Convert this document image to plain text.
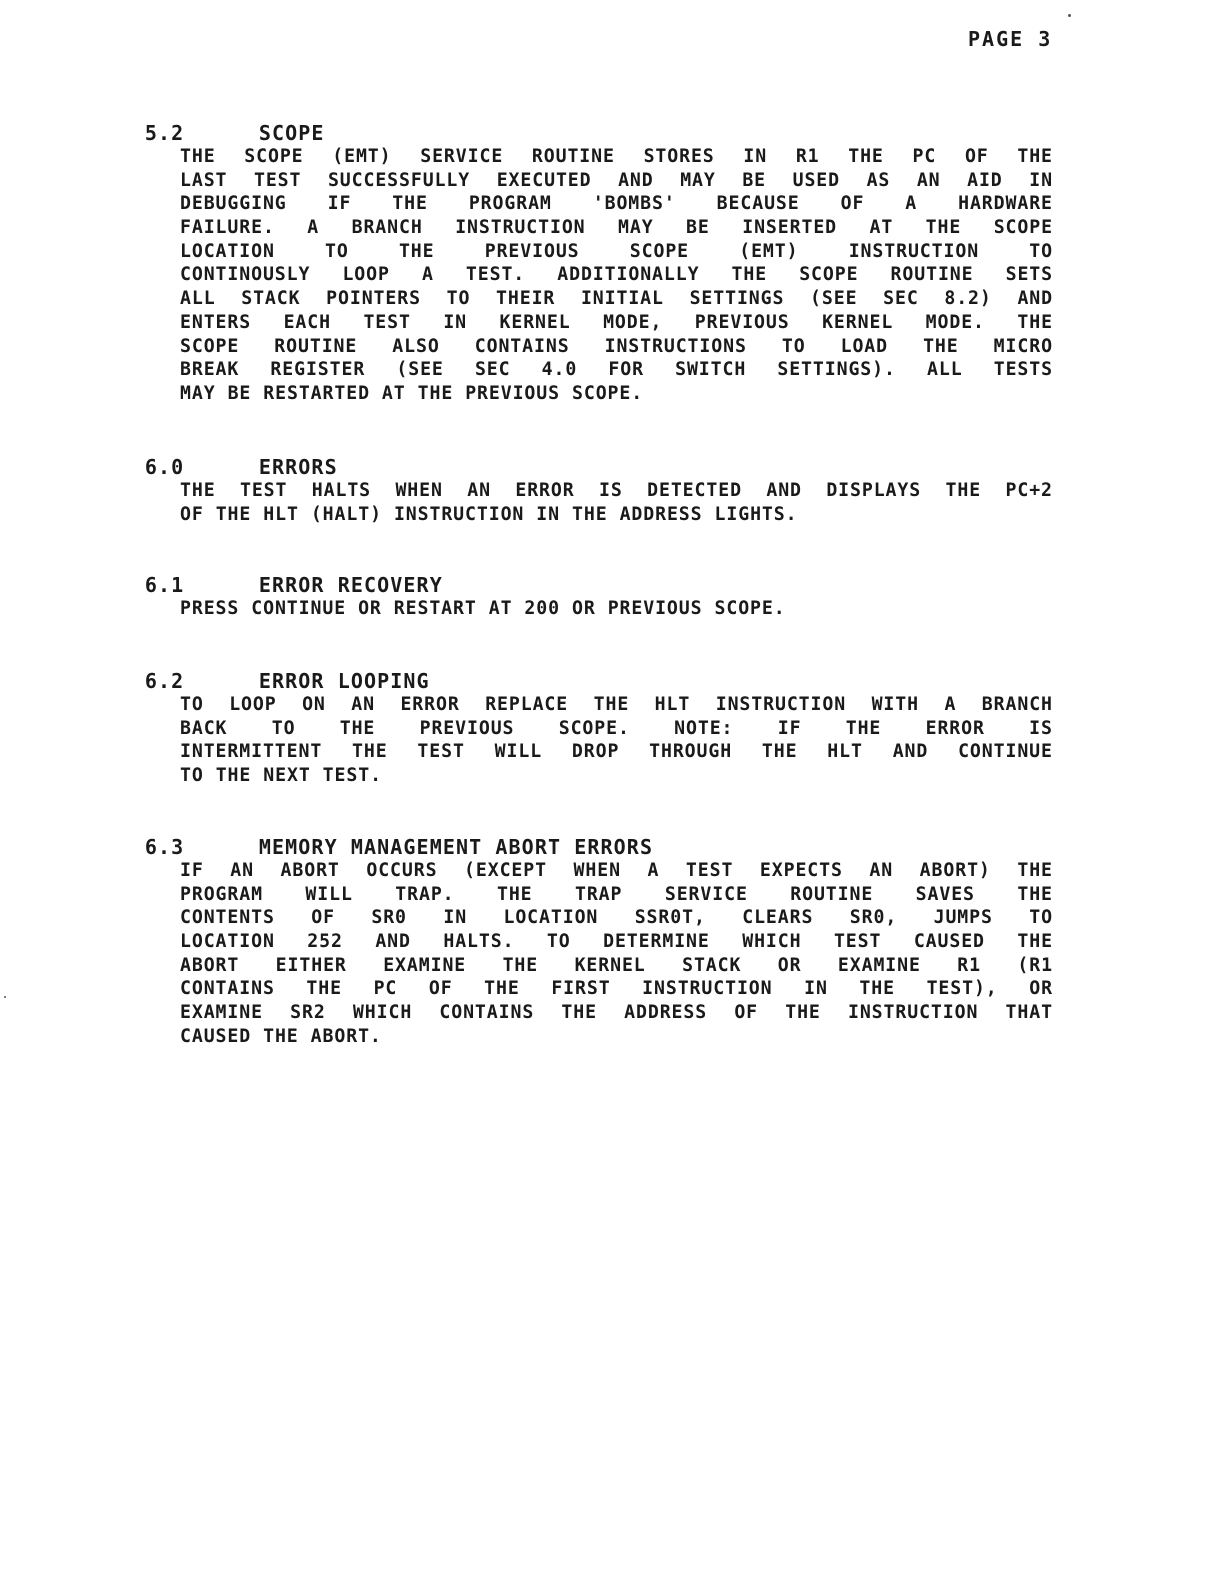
PAGE 3

5.2	SCOPE

THE SCOPE (EMT) SERVICE ROUTINE STORES IN R1 THE PC OF THE
LAST TEST SUCCESSFULLY EXECUTED AND MAY BE USED AS AN AID IN
DEBUGGING IF THE PROGRAM 'BOMBS' BECAUSE OF A HARDWARE
FAILURE. A BRANCH INSTRUCTION MAY BE INSERTED AT THE SCOPE
LOCATION	TO	THE	PREVIOUS	SCOPE	(EMT)	INSTRUCTION	TO
CONTINOUSLY LOOP A TEST. ADDITIONALLY THE SCOPE ROUTINE SETS
ALL STACK POINTERS TO THEIR INITIAL SETTINGS (SEE SEC 8.2) AND
ENTERS EACH TEST IN KERNEL MODE, PREVIOUS KERNEL MODE. THE
SCOPE ROUTINE ALSO CONTAINS INSTRUCTIONS TO LOAD THE MICRO
BREAK REGISTER (SEE SEC 4.0 FOR SWITCH SETTINGS). ALL TESTS
MAY BE RESTARTED AT THE PREVIOUS SCOPE.

6.0	ERRORS

THE TEST HALTS WHEN AN ERROR IS DETECTED AND DISPLAYS THE PC+2
OF THE HLT (HALT) INSTRUCTION IN THE ADDRESS LIGHTS.

6.1	ERROR RECOVERY

PRESS CONTINUE OR RESTART AT 200 OR PREVIOUS SCOPE.

6.2	ERROR LOOPING

TO LOOP ON AN ERROR REPLACE THE HLT INSTRUCTION WITH A BRANCH
BACK TO THE PREVIOUS SCOPE. NOTE: IF THE ERROR IS
INTERMITTENT THE TEST WILL DROP THROUGH THE HLT AND CONTINUE
TO THE NEXT TEST.

6.3	MEMORY MANAGEMENT ABORT ERRORS

IF AN ABORT OCCURS (EXCEPT WHEN A TEST EXPECTS AN ABORT) THE
PROGRAM WILL TRAP. THE TRAP SERVICE ROUTINE SAVES THE
CONTENTS OF SR0 IN LOCATION SSR0T, CLEARS SR0, JUMPS TO
LOCATION 252 AND HALTS. TO DETERMINE WHICH TEST CAUSED THE
ABORT EITHER EXAMINE THE KERNEL STACK OR EXAMINE R1 (R1
CONTAINS THE PC OF THE FIRST INSTRUCTION IN THE TEST), OR
EXAMINE SR2 WHICH CONTAINS THE ADDRESS OF THE INSTRUCTION THAT
CAUSED THE ABORT.
